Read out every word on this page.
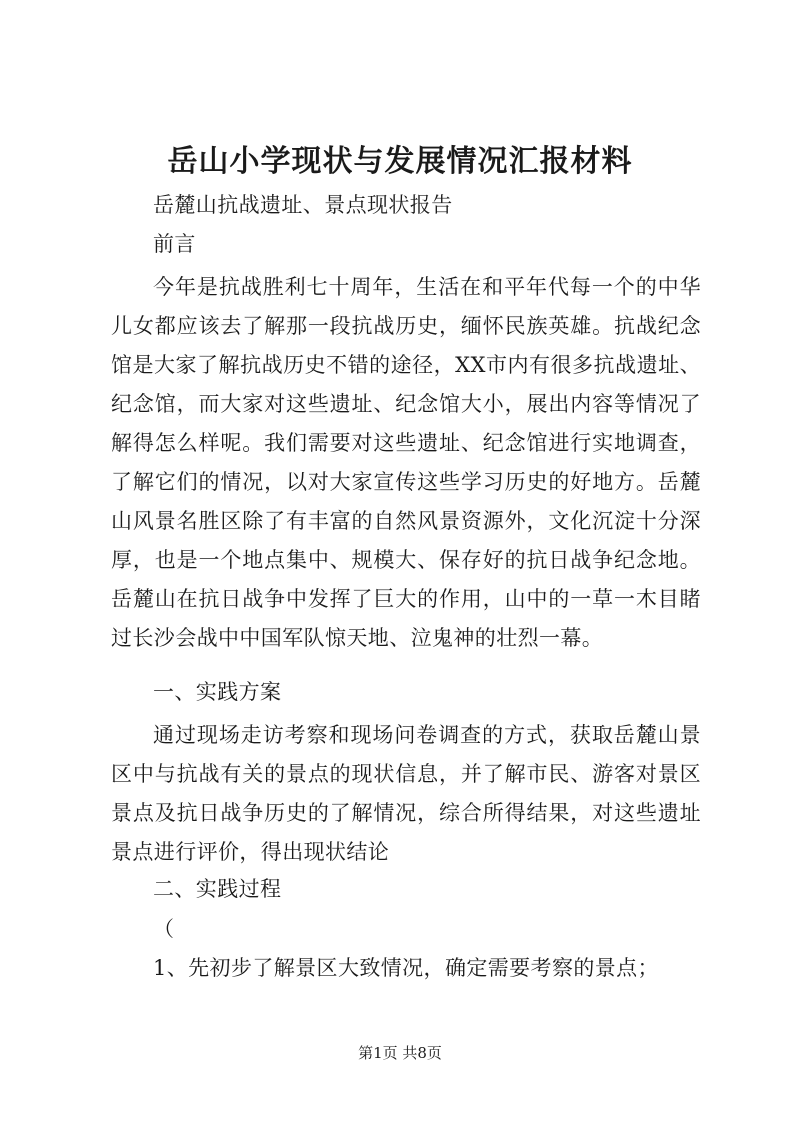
岳山小学现状与发展情况汇报材料

岳麓山抗战遗址、景点现状报告

前言

今年是抗战胜利七十周年，生活在和平年代每一个的中华儿女都应该去了解那一段抗战历史，缅怀民族英雄。抗战纪念馆是大家了解抗战历史不错的途径，XX市内有很多抗战遗址、纪念馆，而大家对这些遗址、纪念馆大小，展出内容等情况了解得怎么样呢。我们需要对这些遗址、纪念馆进行实地调查，了解它们的情况，以对大家宣传这些学习历史的好地方。岳麓山风景名胜区除了有丰富的自然风景资源外，文化沉淀十分深厚，也是一个地点集中、规模大、保存好的抗日战争纪念地。岳麓山在抗日战争中发挥了巨大的作用，山中的一草一木目睹过长沙会战中中国军队惊天地、泣鬼神的壮烈一幕。

一、实践方案

通过现场走访考察和现场问卷调查的方式，获取岳麓山景区中与抗战有关的景点的现状信息，并了解市民、游客对景区景点及抗日战争历史的了解情况，综合所得结果，对这些遗址景点进行评价，得出现状结论

二、实践过程

（

1、先初步了解景区大致情况，确定需要考察的景点；

第1页 共8页
